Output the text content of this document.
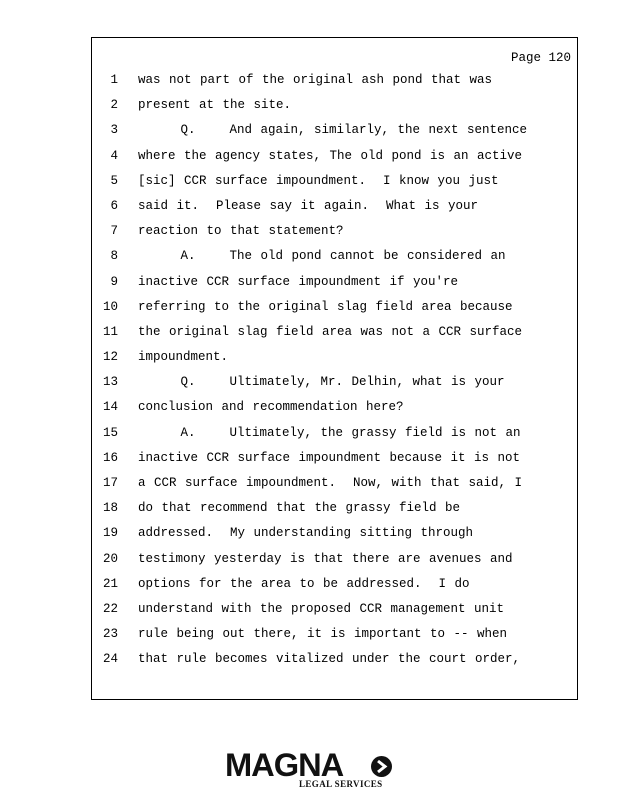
Page 120
1 was not part of the original ash pond that was
2 present at the site.
3 Q.    And again, similarly, the next sentence
4 where the agency states, The old pond is an active
5 [sic] CCR surface impoundment.  I know you just
6 said it.  Please say it again.  What is your
7 reaction to that statement?
8 A.    The old pond cannot be considered an
9 inactive CCR surface impoundment if you're
10 referring to the original slag field area because
11 the original slag field area was not a CCR surface
12 impoundment.
13 Q.    Ultimately, Mr. Delhin, what is your
14 conclusion and recommendation here?
15 A.    Ultimately, the grassy field is not an
16 inactive CCR surface impoundment because it is not
17 a CCR surface impoundment.  Now, with that said, I
18 do that recommend that the grassy field be
19 addressed.  My understanding sitting through
20 testimony yesterday is that there are avenues and
21 options for the area to be addressed.  I do
22 understand with the proposed CCR management unit
23 rule being out there, it is important to -- when
24 that rule becomes vitalized under the court order,
MAGNA
LEGAL SERVICES
